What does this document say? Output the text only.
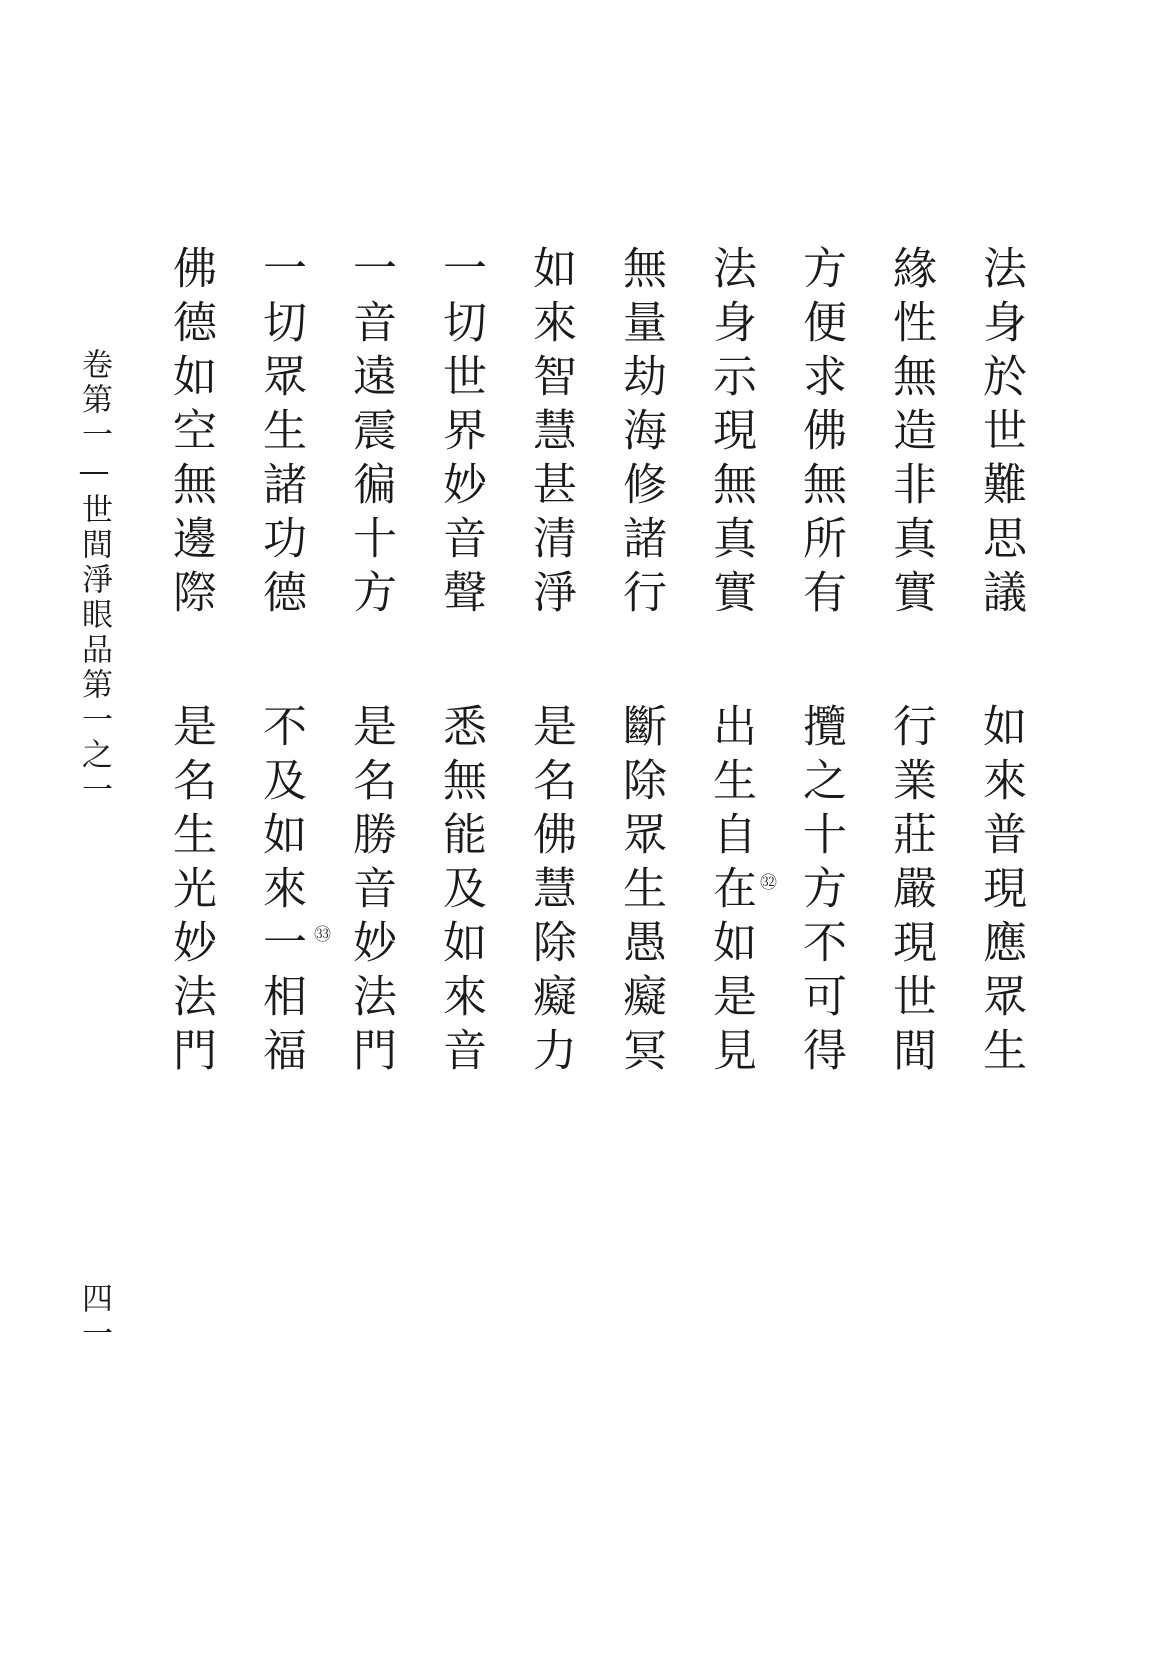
法身於世難思議
緣性無造非真實
方便求佛無所有
法身示現無真實
無量劫海修諸行
如來智慧甚清淨
一切世界妙音聲
一音遠震徧十方
一切眾生諸功德
佛德如空無邊際
如來普現應眾生
行業莊嚴現世間
攬之十方不可得
出生自在如是見
斷除眾生愚癡冥
是名佛慧除癡力
悉無能及如來音
是名勝音妙法門
不及如來一相福
是名生光妙法門	㉜
㉝
卷第一—世間淨眼品第一之一
四一
